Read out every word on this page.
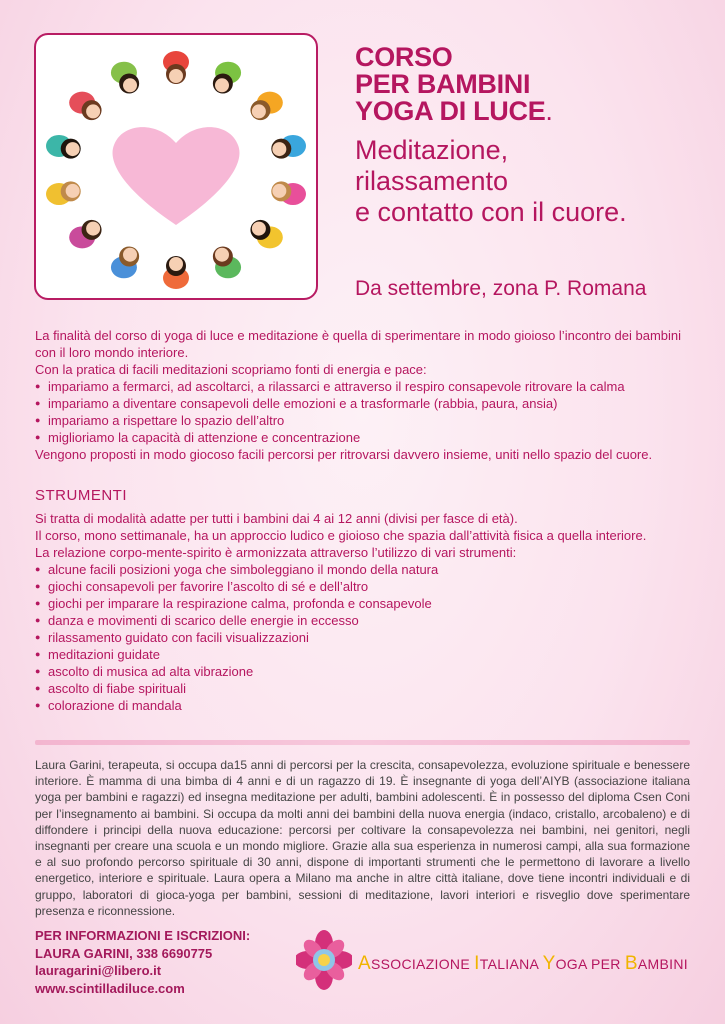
CORSO
PER BAMBINI
YOGA DI LUCE.

Meditazione,
rilassamento
e contatto con il cuore.

Da settembre, zona P. Romana

La finalità del corso di yoga di luce e meditazione è quella di sperimentare in modo gioioso l’incontro dei bambini con il loro mondo interiore.

Con la pratica di facili meditazioni scopriamo fonti di energia e pace:

● impariamo a fermarci, ad ascoltarci, a rilassarci e attraverso il respiro consapevole ritrovare la calma
● impariamo a diventare consapevoli delle emozioni e a trasformarle (rabbia, paura, ansia)
● impariamo a rispettare lo spazio dell’altro
● miglioriamo la capacità di attenzione e concentrazione

Vengono proposti in modo giocoso facili percorsi per ritrovarsi davvero insieme, uniti nello spazio del cuore.

STRUMENTI

Si tratta di modalità adatte per tutti i bambini dai 4 ai 12 anni (divisi per fasce di età).

Il corso, mono settimanale, ha un approccio ludico e gioioso che spazia dall’attività fisica a quella interiore.

La relazione corpo-mente-spirito è armonizzata attraverso l’utilizzo di vari strumenti:

● alcune facili posizioni yoga che simboleggiano il mondo della natura
● giochi consapevoli per favorire l’ascolto di sé e dell’altro
● giochi per imparare la respirazione calma, profonda e consapevole
● danza e movimenti di scarico delle energie in eccesso
● rilassamento guidato con facili visualizzazioni
● meditazioni guidate
● ascolto di musica ad alta vibrazione
● ascolto di fiabe spirituali
● colorazione di mandala

Laura Garini, terapeuta, si occupa da15 anni di percorsi per la crescita, consapevolezza, evoluzione spirituale e benessere interiore. È mamma di una bimba di 4 anni e di un ragazzo di 19. È insegnante di yoga dell’AIYB (associazione italiana yoga per bambini e ragazzi) ed insegna meditazione per adulti, bambini adolescenti. È in possesso del diploma Csen Coni per l’insegnamento ai bambini. Si occupa da molti anni dei bambini della nuova energia (indaco, cristallo, arcobaleno) e di diffondere i principi della nuova educazione: percorsi per coltivare la consapevolezza nei bambini, nei genitori, negli insegnanti per creare una scuola e un mondo migliore. Grazie alla sua esperienza in numerosi campi, alla sua formazione e al suo profondo percorso spirituale di 30 anni, dispone di importanti strumenti che le permettono di lavorare a livello energetico, interiore e spirituale. Laura opera a Milano ma anche in altre città italiane, dove tiene incontri individuali e di gruppo, laboratori di gioca-yoga per bambini, sessioni di meditazione, lavori interiori e risveglio dove sperimentare presenza e riconnessione.

PER INFORMAZIONI E ISCRIZIONI:
LAURA GARINI, 338 6690775
lauragarini@libero.it
www.scintilladiluce.com
ASSOCIAZIONE ITALIANA YOGA PER BAMBINI
